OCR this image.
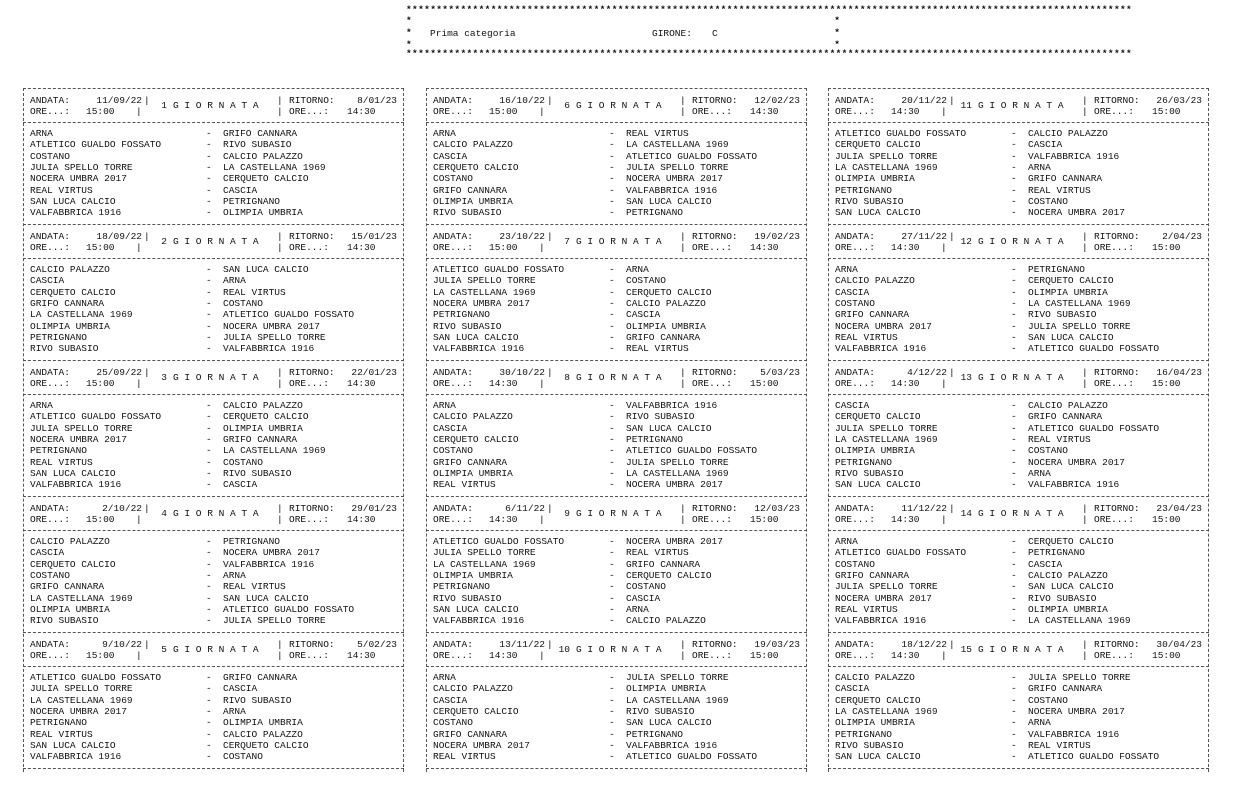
************************************************************************************************************************
*
*
*
*
*
*
Prima categoria	GIRONE: C
************************************************************************************************************************
ANDATA:	11/09/22 |	| RITORNO:	8/01/23
ORE...: 15:00 |
1 G I O R N A T A
| ORE...: 14:30
ARNA	- GRIFO CANNARA
ATLETICO GUALDO FOSSATO	- RIVO SUBASIO
COSTANO	- CALCIO PALAZZO
JULIA SPELLO TORRE	- LA CASTELLANA 1969
NOCERA UMBRA 2017	- CERQUETO CALCIO
REAL VIRTUS	- CASCIA
SAN LUCA CALCIO	- PETRIGNANO
VALFABBRICA 1916	- OLIMPIA UMBRIA
ANDATA:	18/09/22 |	| RITORNO:	15/01/23
ORE...: 15:00 |
2 G I O R N A T A
| ORE...: 14:30
CALCIO PALAZZO	- SAN LUCA CALCIO
CASCIA	- ARNA
CERQUETO CALCIO	- REAL VIRTUS
GRIFO CANNARA	- COSTANO
LA CASTELLANA 1969	- ATLETICO GUALDO FOSSATO
OLIMPIA UMBRIA	- NOCERA UMBRA 2017
PETRIGNANO	- JULIA SPELLO TORRE
RIVO SUBASIO	- VALFABBRICA 1916
ANDATA:	25/09/22 |	| RITORNO:	22/01/23
ORE...: 15:00 |
3 G I O R N A T A
| ORE...: 14:30
ARNA	- CALCIO PALAZZO
ATLETICO GUALDO FOSSATO	- CERQUETO CALCIO
JULIA SPELLO TORRE	- OLIMPIA UMBRIA
NOCERA UMBRA 2017	- GRIFO CANNARA
PETRIGNANO	- LA CASTELLANA 1969
REAL VIRTUS	- COSTANO
SAN LUCA CALCIO	- RIVO SUBASIO
VALFABBRICA 1916	- CASCIA
ANDATA:	2/10/22 |	| RITORNO:	29/01/23
ORE...: 15:00 |
4 G I O R N A T A
| ORE...: 14:30
CALCIO PALAZZO	- PETRIGNANO
CASCIA	- NOCERA UMBRA 2017
CERQUETO CALCIO	- VALFABBRICA 1916
COSTANO	- ARNA
GRIFO CANNARA	- REAL VIRTUS
LA CASTELLANA 1969	- SAN LUCA CALCIO
OLIMPIA UMBRIA	- ATLETICO GUALDO FOSSATO
RIVO SUBASIO	- JULIA SPELLO TORRE
ANDATA:	9/10/22 |	| RITORNO:	5/02/23
ORE...: 15:00 |
5 G I O R N A T A
| ORE...: 14:30
ATLETICO GUALDO FOSSATO	- GRIFO CANNARA
JULIA SPELLO TORRE	- CASCIA
LA CASTELLANA 1969	- RIVO SUBASIO
NOCERA UMBRA 2017	- ARNA
PETRIGNANO	- OLIMPIA UMBRIA
REAL VIRTUS	- CALCIO PALAZZO
SAN LUCA CALCIO	- CERQUETO CALCIO
VALFABBRICA 1916	- COSTANO
ANDATA:	16/10/22 |	| RITORNO:	12/02/23
ORE...: 15:00 |
6 G I O R N A T A
| ORE...: 14:30
ARNA	- REAL VIRTUS
CALCIO PALAZZO	- LA CASTELLANA 1969
CASCIA	- ATLETICO GUALDO FOSSATO
CERQUETO CALCIO	- JULIA SPELLO TORRE
COSTANO	- NOCERA UMBRA 2017
GRIFO CANNARA	- VALFABBRICA 1916
OLIMPIA UMBRIA	- SAN LUCA CALCIO
RIVO SUBASIO	- PETRIGNANO
ANDATA:	23/10/22 |	| RITORNO:	19/02/23
ORE...: 15:00 |
7 G I O R N A T A
| ORE...: 14:30
ATLETICO GUALDO FOSSATO	- ARNA
JULIA SPELLO TORRE	- COSTANO
LA CASTELLANA 1969	- CERQUETO CALCIO
NOCERA UMBRA 2017	- CALCIO PALAZZO
PETRIGNANO	- CASCIA
RIVO SUBASIO	- OLIMPIA UMBRIA
SAN LUCA CALCIO	- GRIFO CANNARA
VALFABBRICA 1916	- REAL VIRTUS
ANDATA:	30/10/22 |	| RITORNO:	5/03/23
ORE...: 14:30 |
8 G I O R N A T A
| ORE...: 15:00
ARNA	- VALFABBRICA 1916
CALCIO PALAZZO	- RIVO SUBASIO
CASCIA	- SAN LUCA CALCIO
CERQUETO CALCIO	- PETRIGNANO
COSTANO	- ATLETICO GUALDO FOSSATO
GRIFO CANNARA	- JULIA SPELLO TORRE
OLIMPIA UMBRIA	- LA CASTELLANA 1969
REAL VIRTUS	- NOCERA UMBRA 2017
ANDATA:	6/11/22 |	| RITORNO:	12/03/23
ORE...: 14:30 |
9 G I O R N A T A
| ORE...: 15:00
ATLETICO GUALDO FOSSATO	- NOCERA UMBRA 2017
JULIA SPELLO TORRE	- REAL VIRTUS
LA CASTELLANA 1969	- GRIFO CANNARA
OLIMPIA UMBRIA	- CERQUETO CALCIO
PETRIGNANO	- COSTANO
RIVO SUBASIO	- CASCIA
SAN LUCA CALCIO	- ARNA
VALFABBRICA 1916	- CALCIO PALAZZO
ANDATA:	13/11/22 |	| RITORNO:	19/03/23
ORE...: 14:30 |
10 G I O R N A T A
| ORE...: 15:00
ARNA	- JULIA SPELLO TORRE
CALCIO PALAZZO	- OLIMPIA UMBRIA
CASCIA	- LA CASTELLANA 1969
CERQUETO CALCIO	- RIVO SUBASIO
COSTANO	- SAN LUCA CALCIO
GRIFO CANNARA	- PETRIGNANO
NOCERA UMBRA 2017	- VALFABBRICA 1916
REAL VIRTUS	- ATLETICO GUALDO FOSSATO
ANDATA:	20/11/22 |	| RITORNO:	26/03/23
ORE...: 14:30 |
11 G I O R N A T A
| ORE...: 15:00
ATLETICO GUALDO FOSSATO	- CALCIO PALAZZO
CERQUETO CALCIO	- CASCIA
JULIA SPELLO TORRE	- VALFABBRICA 1916
LA CASTELLANA 1969	- ARNA
OLIMPIA UMBRIA	- GRIFO CANNARA
PETRIGNANO	- REAL VIRTUS
RIVO SUBASIO	- COSTANO
SAN LUCA CALCIO	- NOCERA UMBRA 2017
ANDATA:	27/11/22 |	| RITORNO:	2/04/23
ORE...: 14:30 |
12 G I O R N A T A
| ORE...: 15:00
ARNA	- PETRIGNANO
CALCIO PALAZZO	- CERQUETO CALCIO
CASCIA	- OLIMPIA UMBRIA
COSTANO	- LA CASTELLANA 1969
GRIFO CANNARA	- RIVO SUBASIO
NOCERA UMBRA 2017	- JULIA SPELLO TORRE
REAL VIRTUS	- SAN LUCA CALCIO
VALFABBRICA 1916	- ATLETICO GUALDO FOSSATO
ANDATA:	4/12/22 |	| RITORNO:	16/04/23
ORE...: 14:30 |
13 G I O R N A T A
| ORE...: 15:00
CASCIA	- CALCIO PALAZZO
CERQUETO CALCIO	- GRIFO CANNARA
JULIA SPELLO TORRE	- ATLETICO GUALDO FOSSATO
LA CASTELLANA 1969	- REAL VIRTUS
OLIMPIA UMBRIA	- COSTANO
PETRIGNANO	- NOCERA UMBRA 2017
RIVO SUBASIO	- ARNA
SAN LUCA CALCIO	- VALFABBRICA 1916
ANDATA:	11/12/22 |	| RITORNO:	23/04/23
ORE...: 14:30 |
14 G I O R N A T A
| ORE...: 15:00
ARNA	- CERQUETO CALCIO
ATLETICO GUALDO FOSSATO	- PETRIGNANO
COSTANO	- CASCIA
GRIFO CANNARA	- CALCIO PALAZZO
JULIA SPELLO TORRE	- SAN LUCA CALCIO
NOCERA UMBRA 2017	- RIVO SUBASIO
REAL VIRTUS	- OLIMPIA UMBRIA
VALFABBRICA 1916	- LA CASTELLANA 1969
ANDATA:	18/12/22 |	| RITORNO:	30/04/23
ORE...: 14:30 |
15 G I O R N A T A
| ORE...: 15:00
CALCIO PALAZZO	- JULIA SPELLO TORRE
CASCIA	- GRIFO CANNARA
CERQUETO CALCIO	- COSTANO
LA CASTELLANA 1969	- NOCERA UMBRA 2017
OLIMPIA UMBRIA	- ARNA
PETRIGNANO	- VALFABBRICA 1916
RIVO SUBASIO	- REAL VIRTUS
SAN LUCA CALCIO	- ATLETICO GUALDO FOSSATO
